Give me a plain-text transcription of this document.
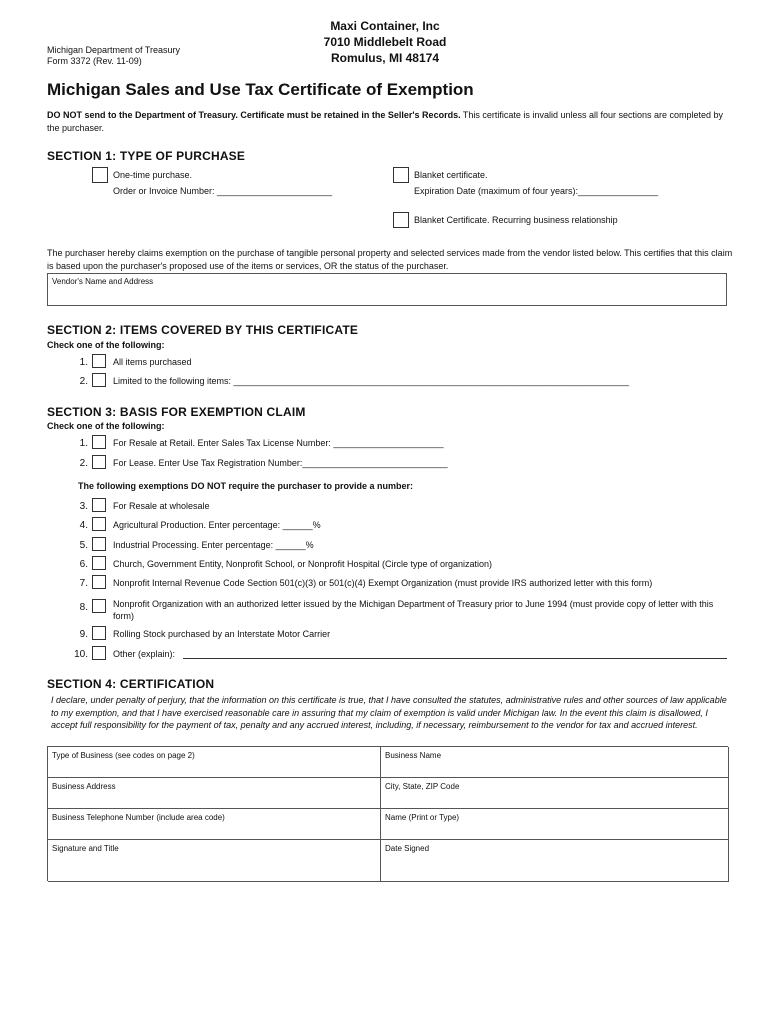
Michigan Department of Treasury
Form 3372 (Rev. 11-09)
Maxi Container, Inc
7010 Middlebelt Road
Romulus, MI 48174
Michigan Sales and Use Tax Certificate of Exemption
DO NOT send to the Department of Treasury. Certificate must be retained in the Seller's Records. This certificate is invalid unless all four sections are completed by the purchaser.
SECTION 1: TYPE OF PURCHASE
One-time purchase.
Order or Invoice Number: _______________________
Blanket certificate.
Expiration Date (maximum of four years):________________
Blanket Certificate. Recurring business relationship
The purchaser hereby claims exemption on the purchase of tangible personal property and selected services made from the vendor listed below. This certifies that this claim is based upon the purchaser's proposed use of the items or services, OR the status of the purchaser.
Vendor's Name and Address
SECTION 2: ITEMS COVERED BY THIS CERTIFICATE
Check one of the following:
1.	All items purchased
2.	Limited to the following items: _______________________________________________________________________________
SECTION 3: BASIS FOR EXEMPTION CLAIM
Check one of the following:
1.	For Resale at Retail. Enter Sales Tax License Number: ______________________
2.	For Lease. Enter Use Tax Registration Number:_____________________________
The following exemptions DO NOT require the purchaser to provide a number:
3.	For Resale at wholesale
4.	Agricultural Production. Enter percentage: ______%
5.	Industrial Processing. Enter percentage: ______%
6.	Church, Government Entity, Nonprofit School, or Nonprofit Hospital (Circle type of organization)
7.	Nonprofit Internal Revenue Code Section 501(c)(3) or 501(c)(4) Exempt Organization (must provide IRS authorized letter with this form)
8.	Nonprofit Organization with an authorized letter issued by the Michigan Department of Treasury prior to June 1994 (must provide copy of letter with this form)
9.	Rolling Stock purchased by an Interstate Motor Carrier
10.	Other (explain):
SECTION 4: CERTIFICATION
I declare, under penalty of perjury, that the information on this certificate is true, that I have consulted the statutes, administrative rules and other sources of law applicable to my exemption, and that I have exercised reasonable care in assuring that my claim of exemption is valid under Michigan law. In the event this claim is disallowed, I accept full responsibility for the payment of tax, penalty and any accrued interest, including, if necessary, reimbursement to the vendor for tax and accrued interest.
Type of Business (see codes on page 2)	Business Name
Business Address	City, State, ZIP Code
Business Telephone Number (include area code)	Name (Print or Type)
Signature and Title	Date Signed
